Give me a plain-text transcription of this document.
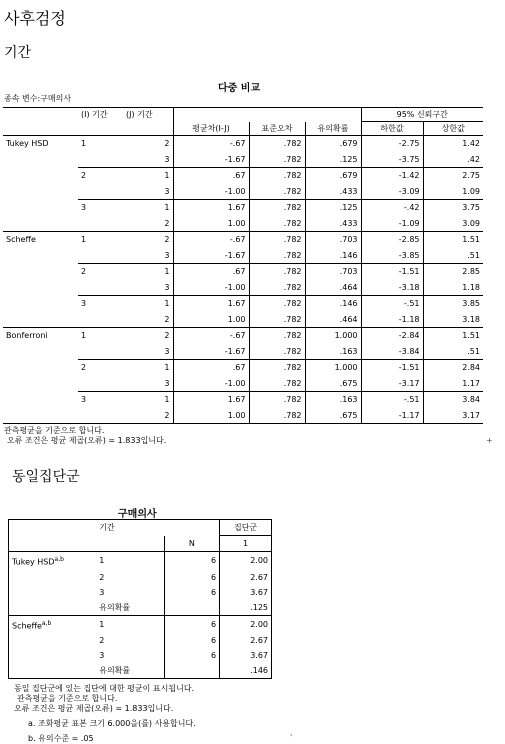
사후검정
기간
다중 비교
종속 변수:구매의사
	(I) 기간	(J) 기간				95% 신뢰구간	
			평균차(I-J)	표준오차	유의확률	하한값	상한값
Tukey HSD	1	2	-.67	.782	.679	-2.75	1.42
		3	-1.67	.782	.125	-3.75	.42
	2	1	.67	.782	.679	-1.42	2.75
		3	-1.00	.782	.433	-3.09	1.09
	3	1	1.67	.782	.125	-.42	3.75
		2	1.00	.782	.433	-1.09	3.09
Scheffe	1	2	-.67	.782	.703	-2.85	1.51
		3	-1.67	.782	.146	-3.85	.51
	2	1	.67	.782	.703	-1.51	2.85
		3	-1.00	.782	.464	-3.18	1.18
	3	1	1.67	.782	.146	-.51	3.85
		2	1.00	.782	.464	-1.18	3.18
Bonferroni	1	2	-.67	.782	1.000	-2.84	1.51
		3	-1.67	.782	.163	-3.84	.51
	2	1	.67	.782	1.000	-1.51	2.84
		3	-1.00	.782	.675	-3.17	1.17
	3	1	1.67	.782	.163	-.51	3.84
		2	1.00	.782	.675	-1.17	3.17
관측평균을 기준으로 합니다.
오류 조건은 평균 제곱(오류) = 1.833입니다.	+
동일집단군
구매의사
	기간		집단군
		N	1
Tukey HSD$^{a,b}$	1	6	2.00
	2	6	2.67
	3	6	3.67
	유의확률		.125
Scheffe$^{a,b}$	1	6	2.00
	2	6	2.67
	3	6	3.67
	유의확률		.146
동일 집단군에 있는 집단에 대한 평균이 표시됩니다.
관측평균을 기준으로 합니다.
오류 조건은 평균 제곱(오류) = 1.833입니다.
a. 조화평균 표본 크기 6.000을(를) 사용합니다.
b. 유의수준 = .05	'
